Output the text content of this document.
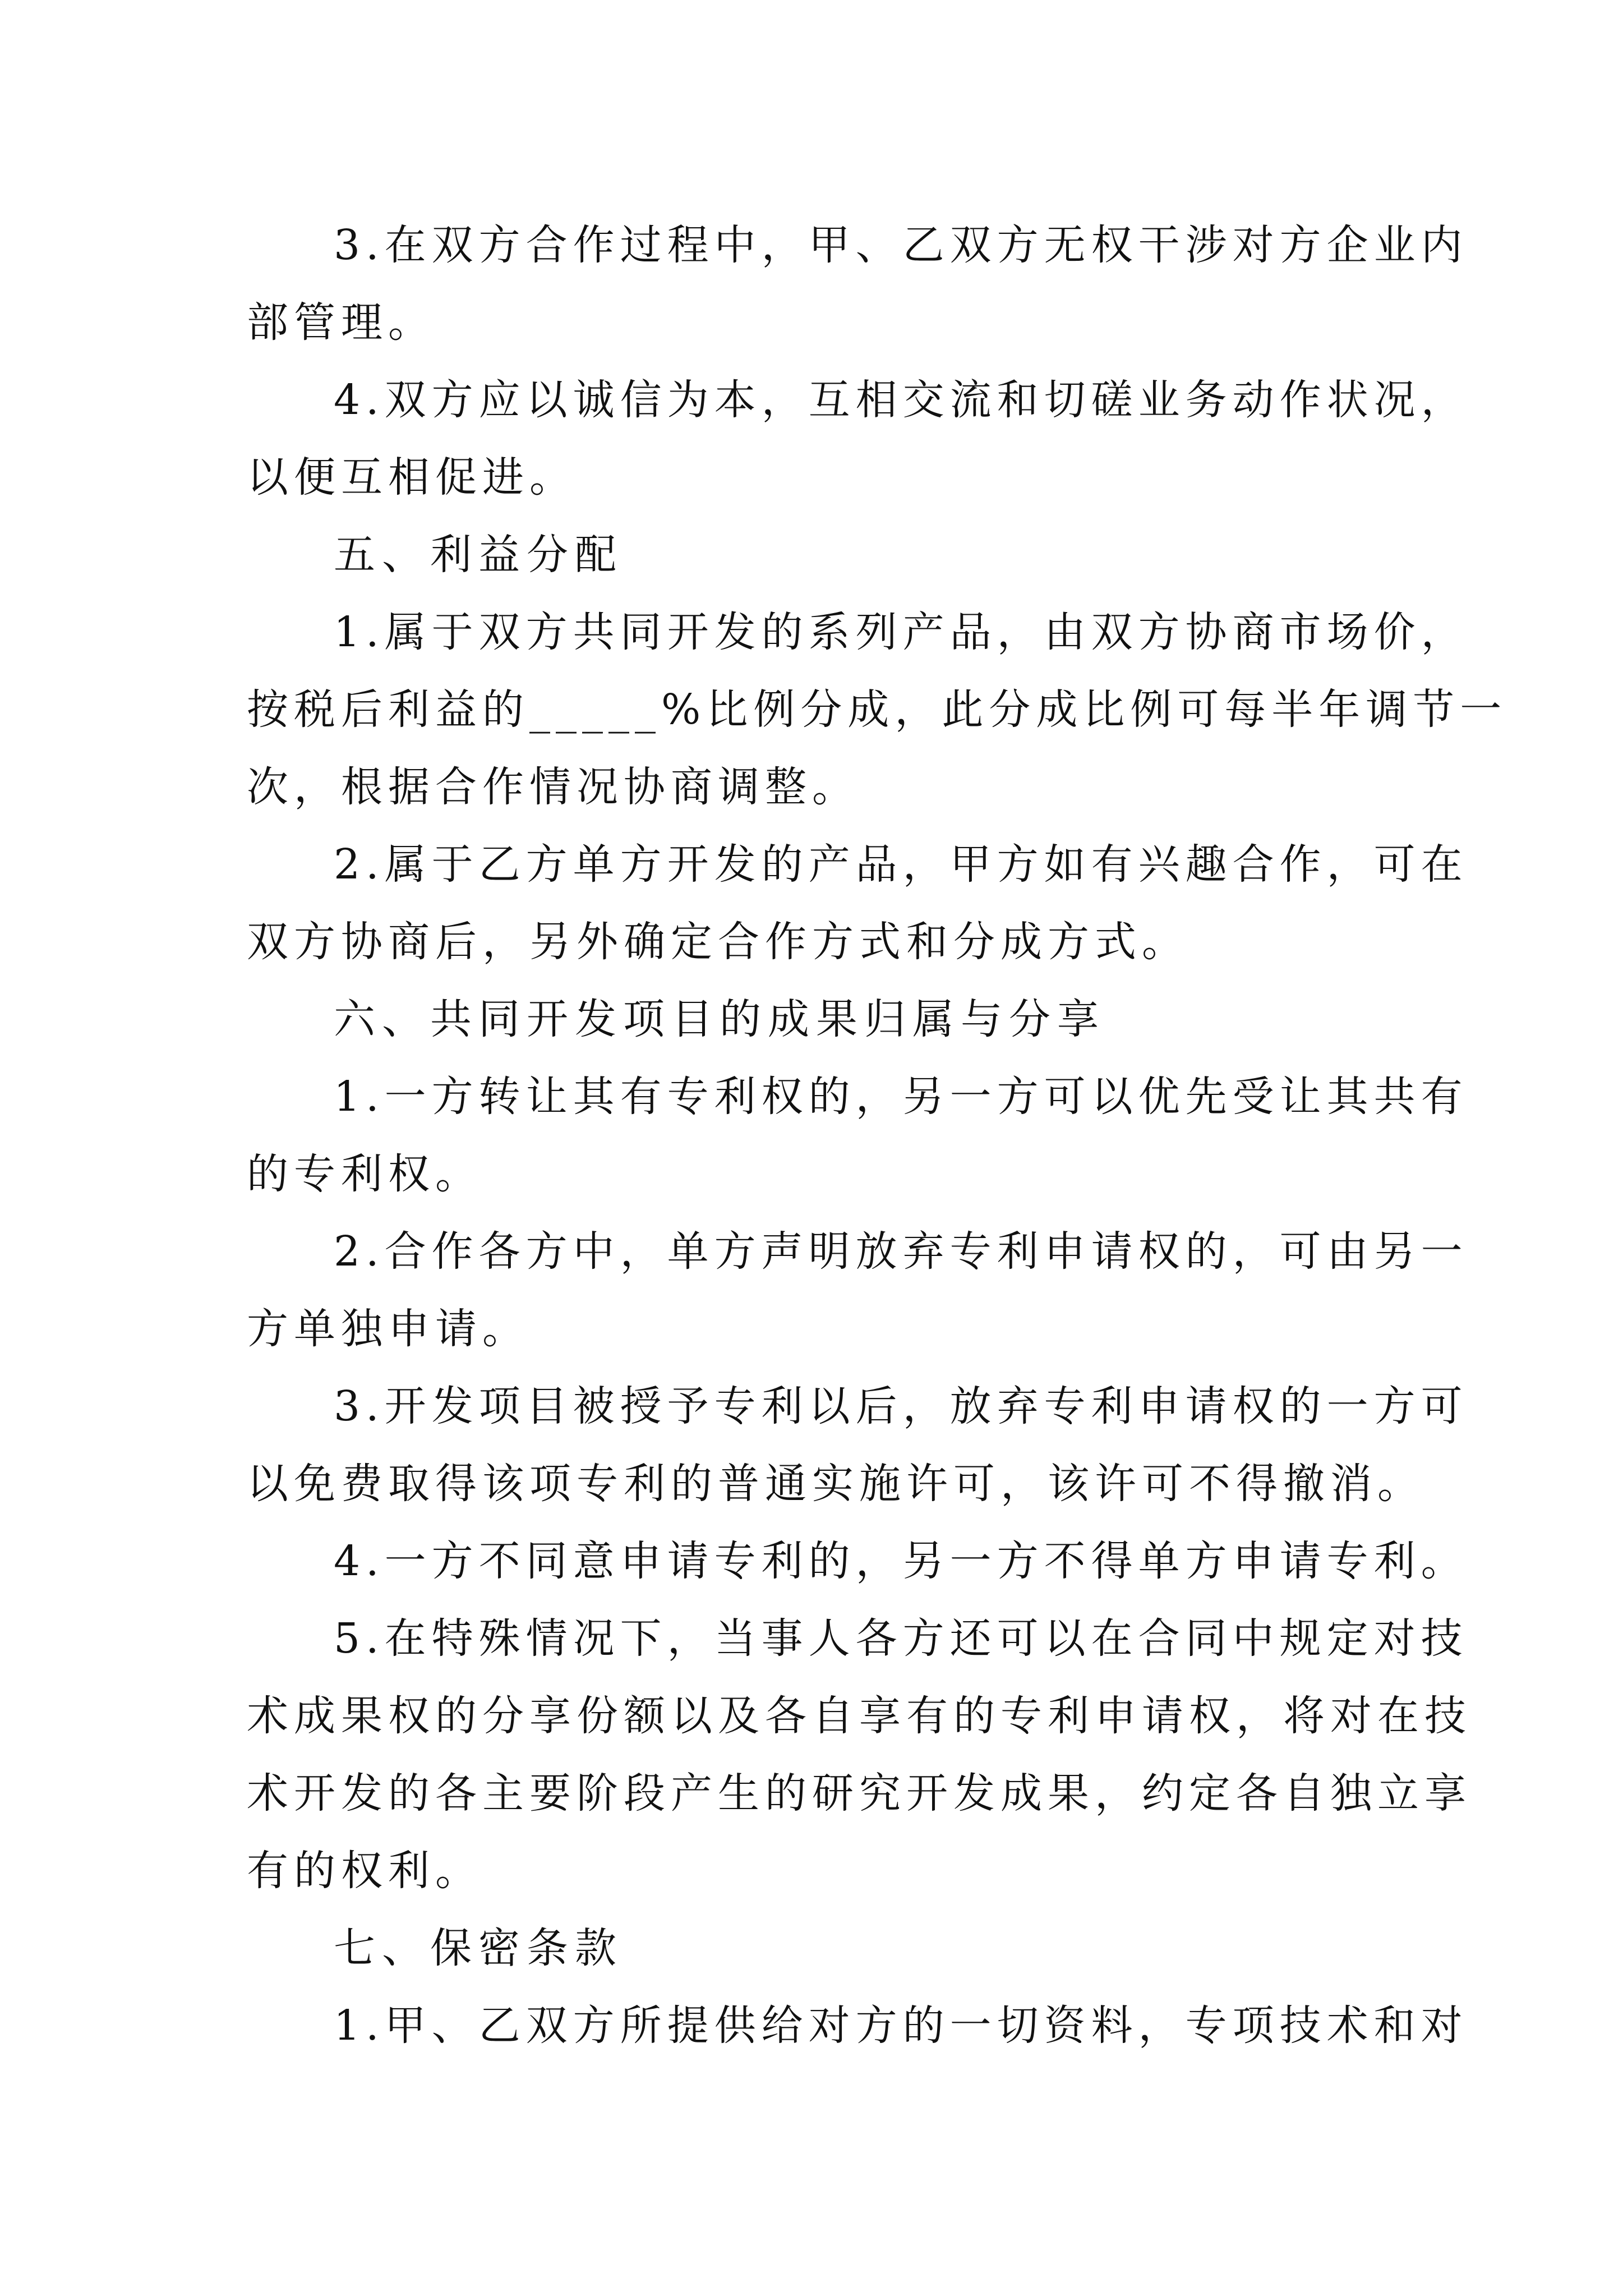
3.在双方合作过程中，甲、乙双方无权干涉对方企业内
部管理。
4.双方应以诚信为本，互相交流和切磋业务动作状况，
以便互相促进。
五、利益分配
1.属于双方共同开发的系列产品，由双方协商市场价，
按税后利益的_____%比例分成，此分成比例可每半年调节一
次，根据合作情况协商调整。
2.属于乙方单方开发的产品，甲方如有兴趣合作，可在
双方协商后，另外确定合作方式和分成方式。
六、共同开发项目的成果归属与分享
1.一方转让其有专利权的，另一方可以优先受让其共有
的专利权。
2.合作各方中，单方声明放弃专利申请权的，可由另一
方单独申请。
3.开发项目被授予专利以后，放弃专利申请权的一方可
以免费取得该项专利的普通实施许可，该许可不得撤消。
4.一方不同意申请专利的，另一方不得单方申请专利。
5.在特殊情况下，当事人各方还可以在合同中规定对技
术成果权的分享份额以及各自享有的专利申请权，将对在技
术开发的各主要阶段产生的研究开发成果，约定各自独立享
有的权利。
七、保密条款
1.甲、乙双方所提供给对方的一切资料，专项技术和对
